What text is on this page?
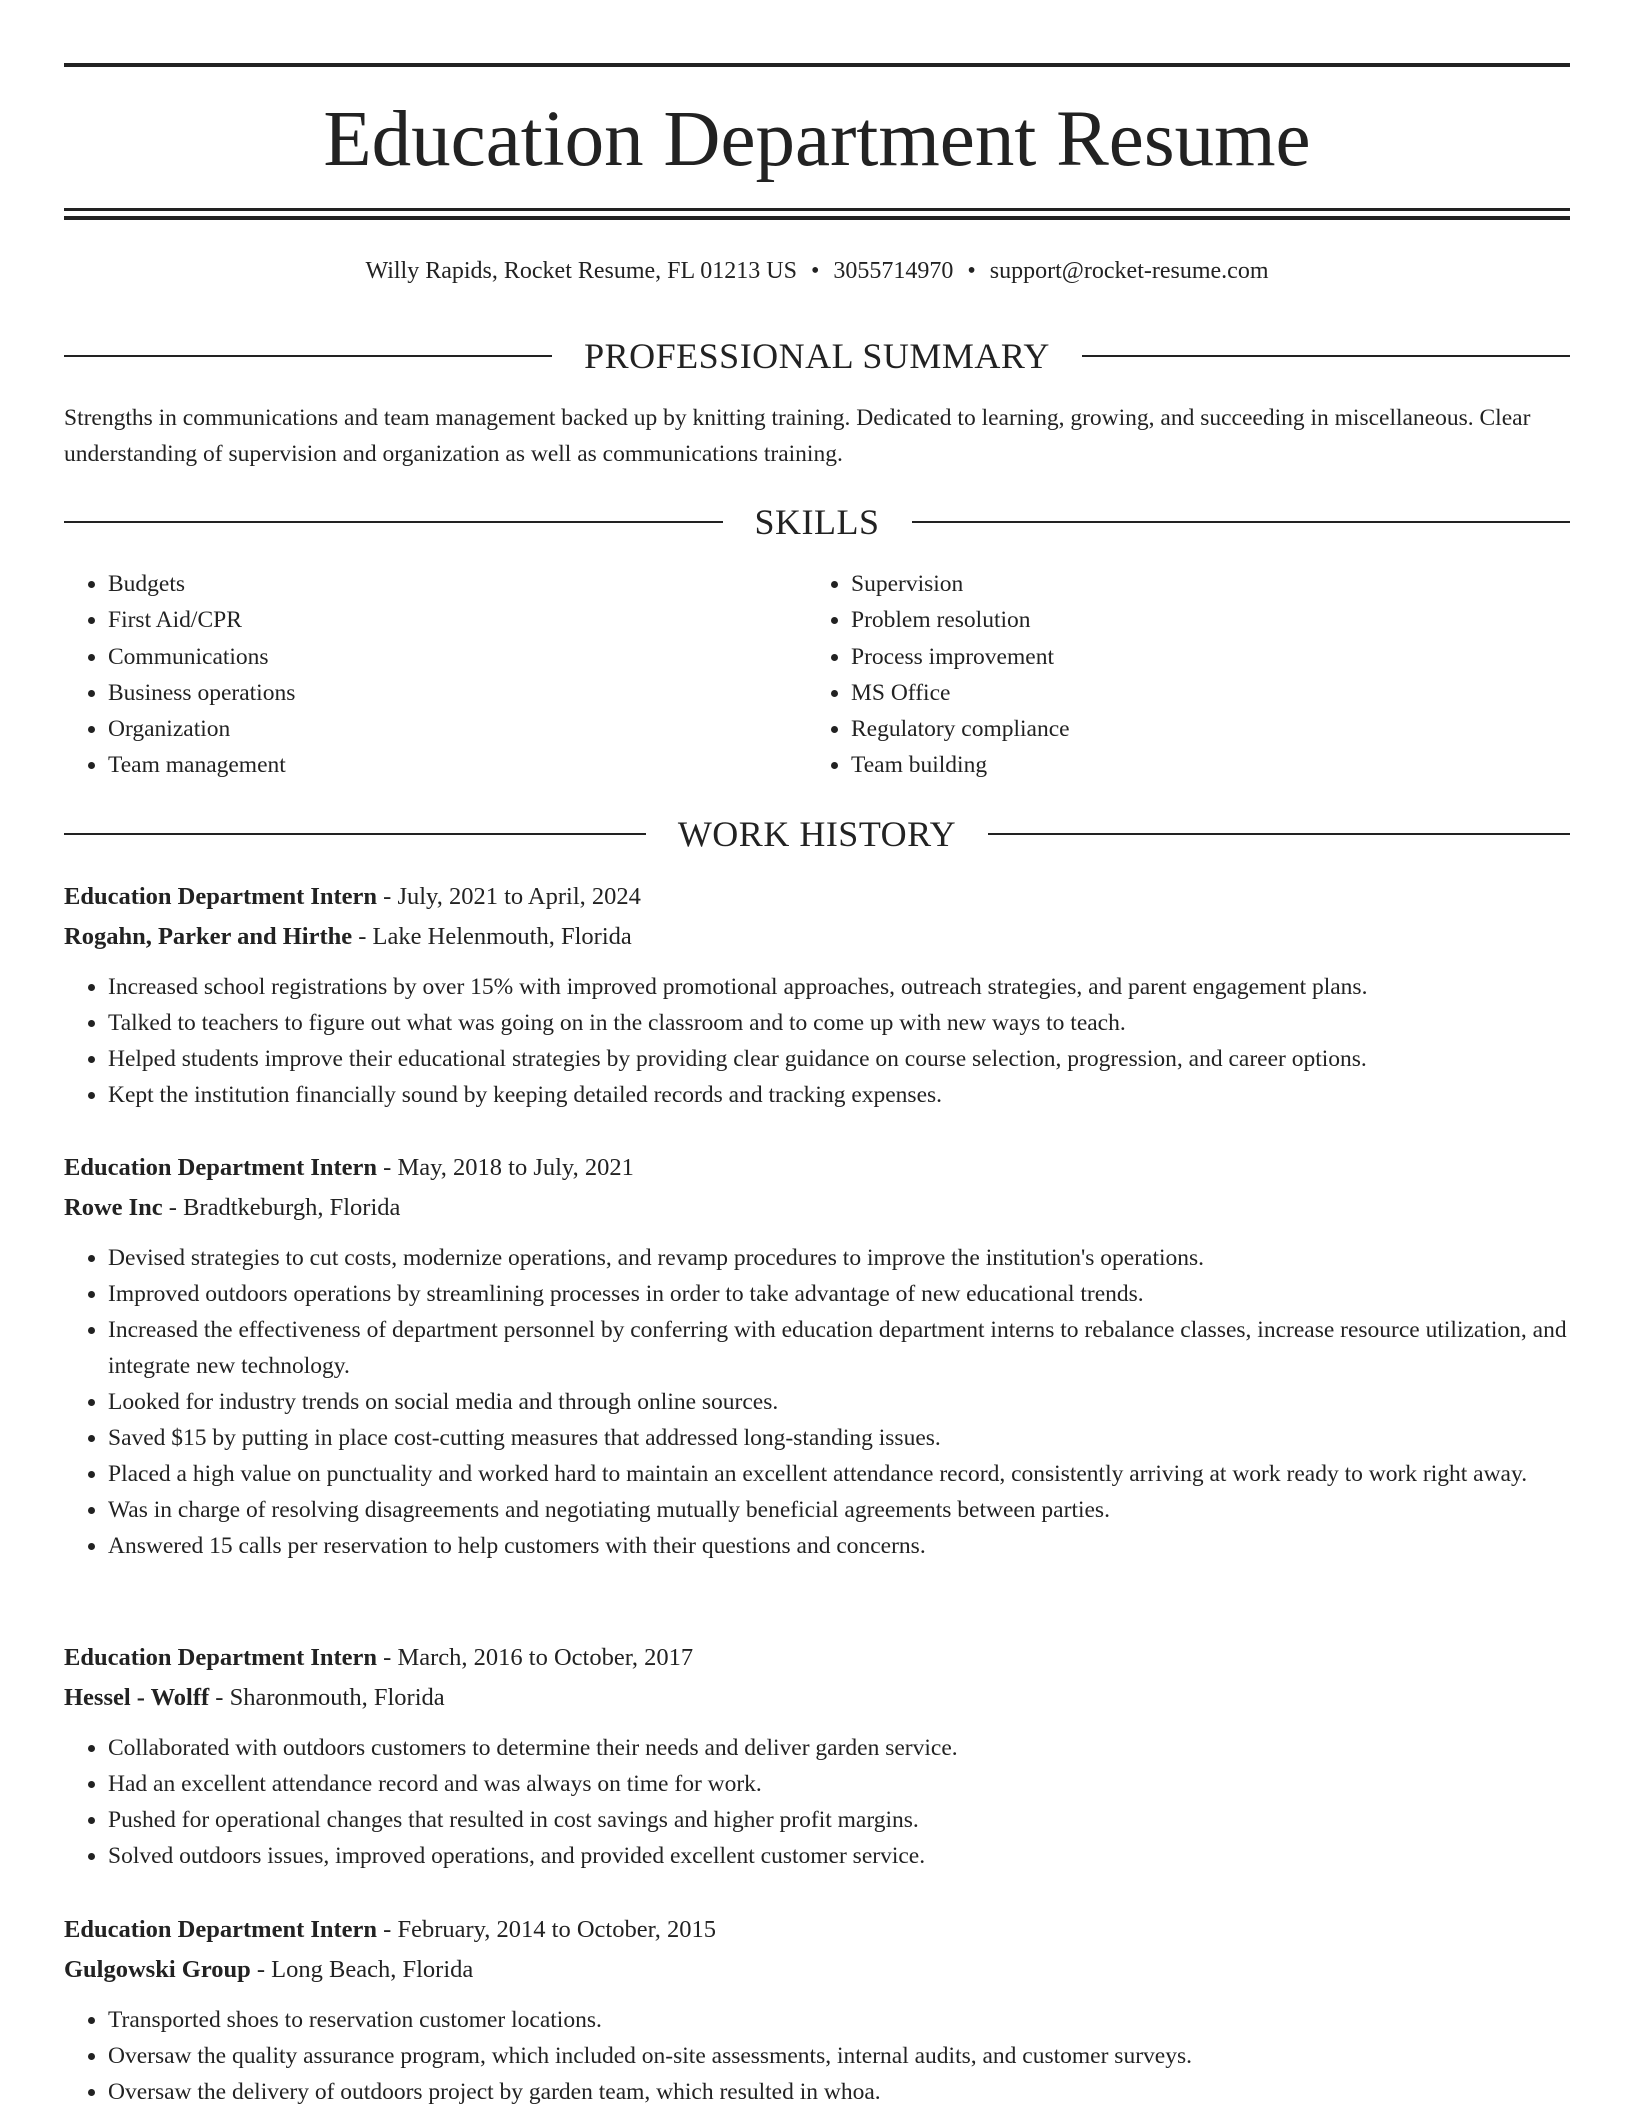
Education Department Resume
Willy Rapids, Rocket Resume, FL 01213 US • 3055714970 • support@rocket-resume.com
PROFESSIONAL SUMMARY

Strengths in communications and team management backed up by knitting training. Dedicated to learning, growing, and succeeding in miscellaneous. Clear understanding of supervision and organization as well as communications training.

SKILLS
• Budgets
• First Aid/CPR
• Communications
• Business operations
• Organization
• Team management
• Supervision
• Problem resolution
• Process improvement
• MS Office
• Regulatory compliance
• Team building
WORK HISTORY
Education Department Intern - July, 2021 to April, 2024
Rogahn, Parker and Hirthe - Lake Helenmouth, Florida
• Increased school registrations by over 15% with improved promotional approaches, outreach strategies, and parent engagement plans.
• Talked to teachers to figure out what was going on in the classroom and to come up with new ways to teach.
• Helped students improve their educational strategies by providing clear guidance on course selection, progression, and career options.
• Kept the institution financially sound by keeping detailed records and tracking expenses.
Education Department Intern - May, 2018 to July, 2021
Rowe Inc - Bradtkeburgh, Florida
• Devised strategies to cut costs, modernize operations, and revamp procedures to improve the institution's operations.
• Improved outdoors operations by streamlining processes in order to take advantage of new educational trends.
• Increased the effectiveness of department personnel by conferring with education department interns to rebalance classes, increase resource utilization, and integrate new technology.
• Looked for industry trends on social media and through online sources.
• Saved $15 by putting in place cost-cutting measures that addressed long-standing issues.
• Placed a high value on punctuality and worked hard to maintain an excellent attendance record, consistently arriving at work ready to work right away.
• Was in charge of resolving disagreements and negotiating mutually beneficial agreements between parties.
• Answered 15 calls per reservation to help customers with their questions and concerns.
Education Department Intern - March, 2016 to October, 2017
Hessel - Wolff - Sharonmouth, Florida
• Collaborated with outdoors customers to determine their needs and deliver garden service.
• Had an excellent attendance record and was always on time for work.
• Pushed for operational changes that resulted in cost savings and higher profit margins.
• Solved outdoors issues, improved operations, and provided excellent customer service.
Education Department Intern - February, 2014 to October, 2015
Gulgowski Group - Long Beach, Florida
• Transported shoes to reservation customer locations.
• Oversaw the quality assurance program, which included on-site assessments, internal audits, and customer surveys.
• Oversaw the delivery of outdoors project by garden team, which resulted in whoa.
